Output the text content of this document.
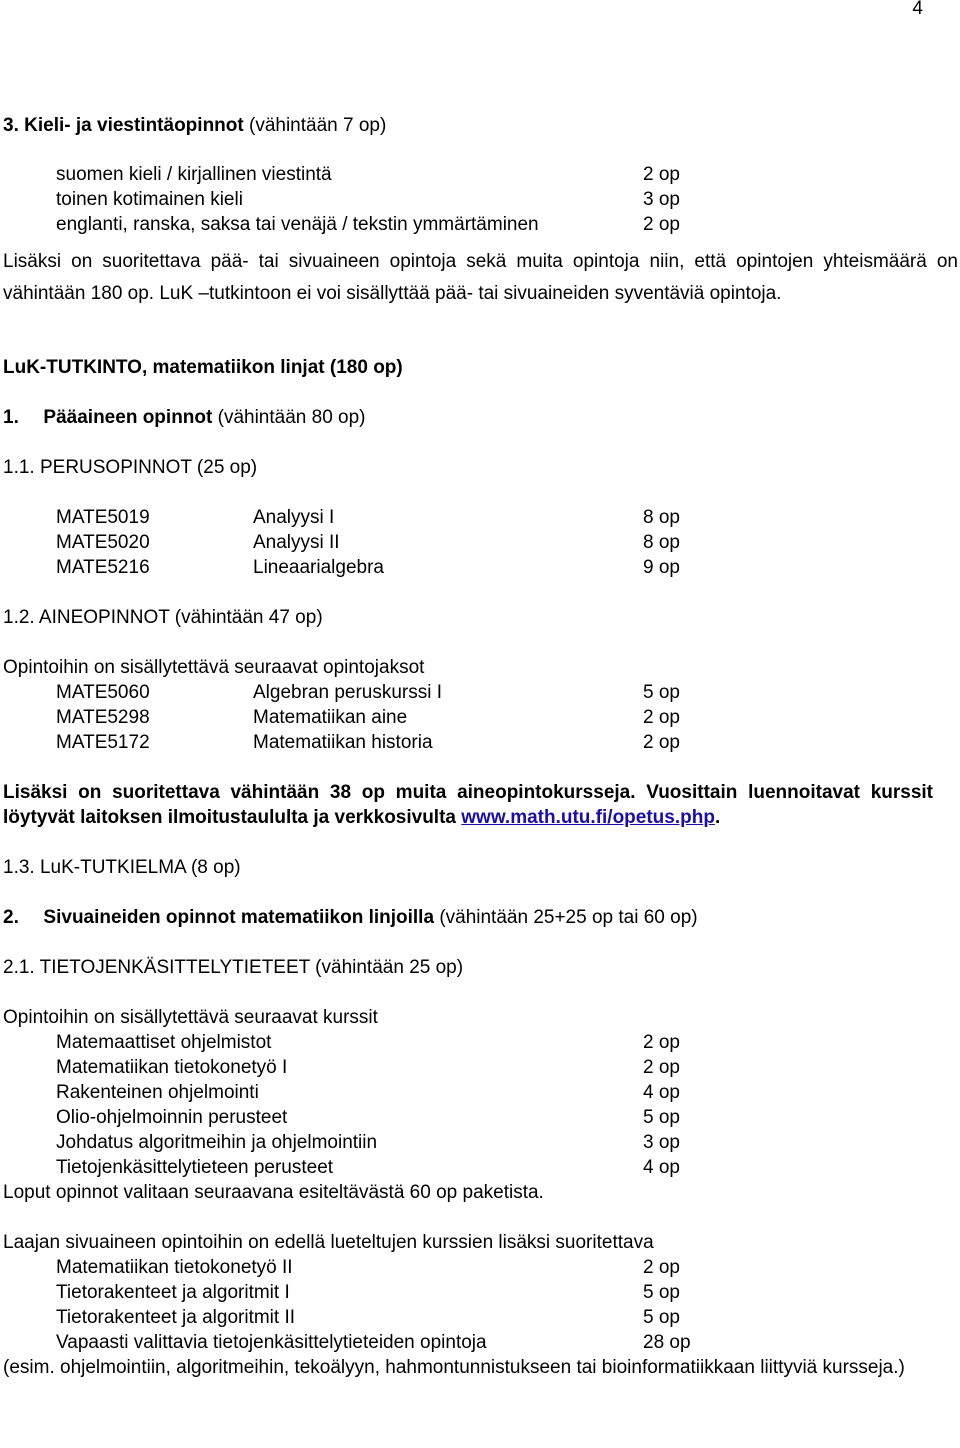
4

3. Kieli- ja viestintäopinnot (vähintään 7 op)

suomen kieli / kirjallinen viestintä	2 op
toinen kotimainen kieli	3 op
englanti, ranska, saksa tai venäjä / tekstin ymmärtäminen	2 op

Lisäksi on suoritettava pää- tai sivuaineen opintoja sekä muita opintoja niin, että opintojen yhteismäärä on vähintään 180 op. LuK –tutkintoon ei voi sisällyttää pää- tai sivuaineiden syventäviä opintoja.

LuK-TUTKINTO, matematiikon linjat (180 op)

1. Pääaineen opinnot (vähintään 80 op)

1.1. PERUSOPINNOT (25 op)

MATE5019	Analyysi I	8 op
MATE5020	Analyysi II	8 op
MATE5216	Lineaarialgebra	9 op

1.2. AINEOPINNOT (vähintään 47 op)

Opintoihin on sisällytettävä seuraavat opintojaksot

MATE5060	Algebran peruskurssi I	5 op
MATE5298	Matematiikan aine	2 op
MATE5172	Matematiikan historia	2 op

Lisäksi on suoritettava vähintään 38 op muita aineopintokursseja. Vuosittain luennoitavat kurssit löytyvät laitoksen ilmoitustaululta ja verkkosivulta www.math.utu.fi/opetus.php.

1.3. LuK-TUTKIELMA (8 op)

2. Sivuaineiden opinnot matematiikon linjoilla (vähintään 25+25 op tai 60 op)

2.1. TIETOJENKÄSITTELYTIETEET (vähintään 25 op)

Opintoihin on sisällytettävä seuraavat kurssit

Matemaattiset ohjelmistot	2 op
Matematiikan tietokonetyö I	2 op
Rakenteinen ohjelmointi	4 op
Olio-ohjelmoinnin perusteet	5 op
Johdatus algoritmeihin ja ohjelmointiin	3 op
Tietojenkäsittelytieteen perusteet	4 op

Loput opinnot valitaan seuraavana esiteltävästä 60 op paketista.

Laajan sivuaineen opintoihin on edellä lueteltujen kurssien lisäksi suoritettava

Matematiikan tietokonetyö II	2 op
Tietorakenteet ja algoritmit I	5 op
Tietorakenteet ja algoritmit II	5 op
Vapaasti valittavia tietojenkäsittelytieteiden opintoja	28 op

(esim. ohjelmointiin, algoritmeihin, tekoälyyn, hahmontunnistukseen tai bioinformatiikkaan liittyviä kursseja.)
